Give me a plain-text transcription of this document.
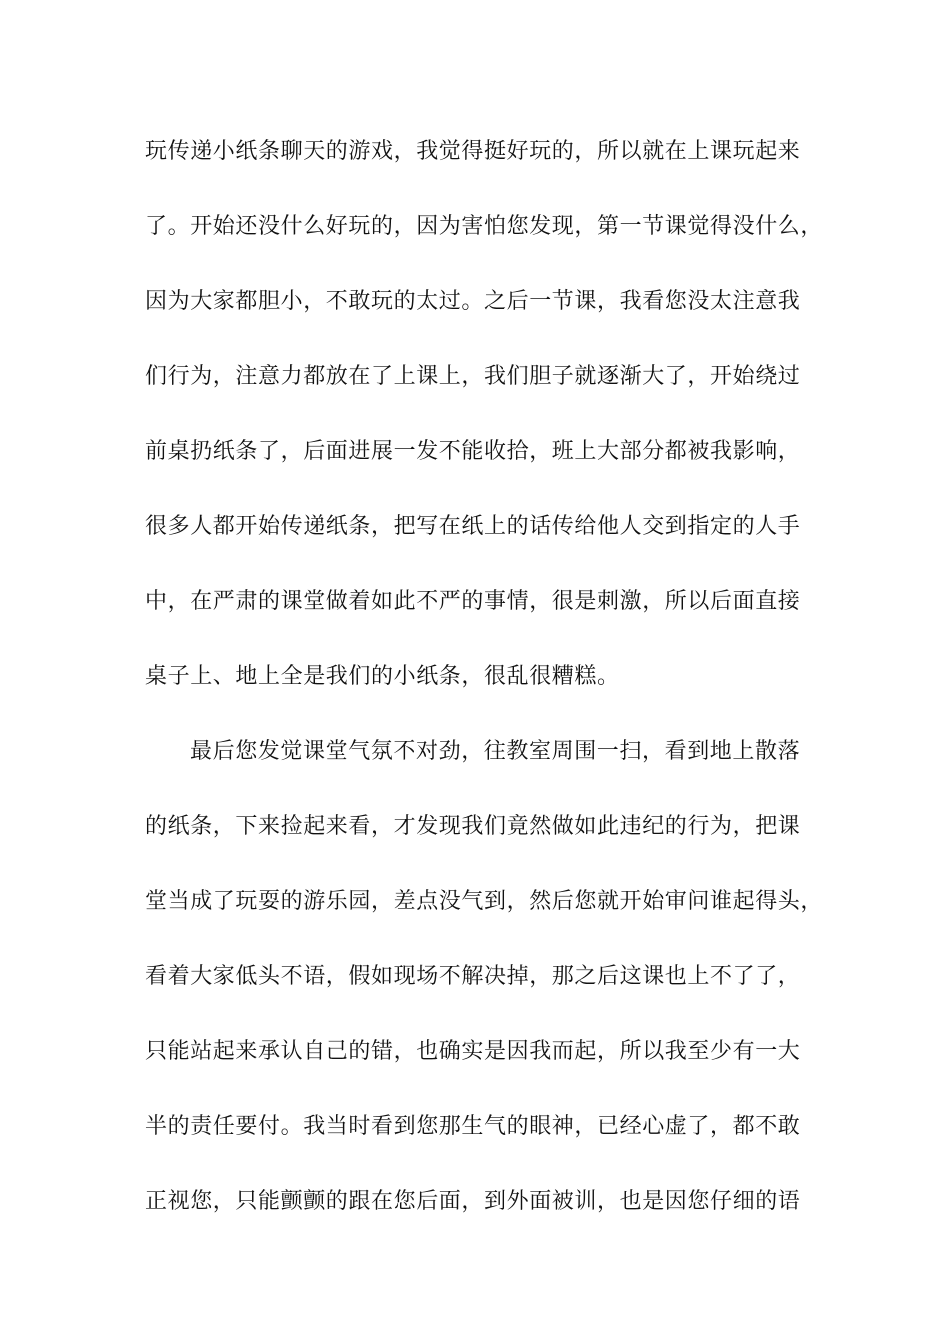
玩传递小纸条聊天的游戏，我觉得挺好玩的，所以就在上课玩起来
了。开始还没什么好玩的，因为害怕您发现，第一节课觉得没什么，
因为大家都胆小，不敢玩的太过。之后一节课，我看您没太注意我
们行为，注意力都放在了上课上，我们胆子就逐渐大了，开始绕过
前桌扔纸条了，后面进展一发不能收拾，班上大部分都被我影响，
很多人都开始传递纸条，把写在纸上的话传给他人交到指定的人手
中，在严肃的课堂做着如此不严的事情，很是刺激，所以后面直接
桌子上、地上全是我们的小纸条，很乱很糟糕。
最后您发觉课堂气氛不对劲，往教室周围一扫，看到地上散落
的纸条，下来捡起来看，才发现我们竟然做如此违纪的行为，把课
堂当成了玩耍的游乐园，差点没气到，然后您就开始审问谁起得头，
看着大家低头不语，假如现场不解决掉，那之后这课也上不了了，
只能站起来承认自己的错，也确实是因我而起，所以我至少有一大
半的责任要付。我当时看到您那生气的眼神，已经心虚了，都不敢
正视您，只能颤颤的跟在您后面，到外面被训，也是因您仔细的语
